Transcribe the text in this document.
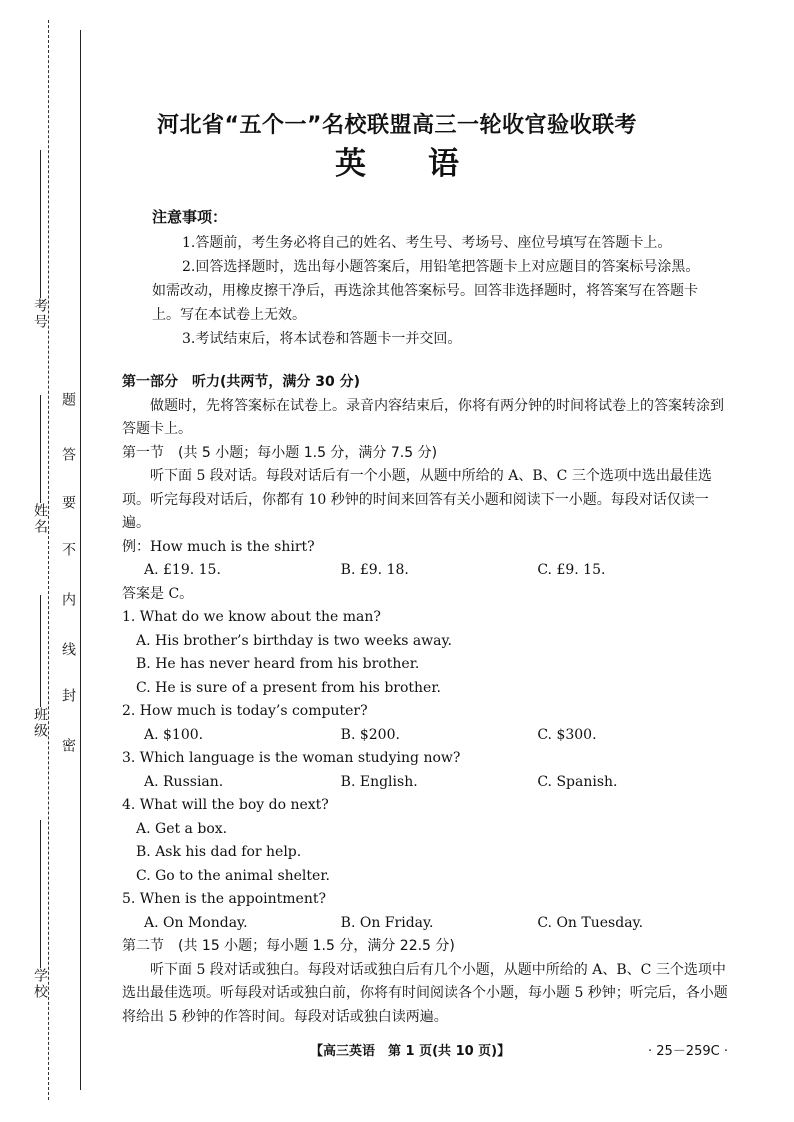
考号
姓名
班级
学校
题
答
要
不
内
线
封
密
河北省“五个一”名校联盟高三一轮收官验收联考
英语
注意事项：
1.答题前，考生务必将自己的姓名、考生号、考场号、座位号填写在答题卡上。
2.回答选择题时，选出每小题答案后，用铅笔把答题卡上对应题目的答案标号涂黑。如需改动，用橡皮擦干净后，再选涂其他答案标号。回答非选择题时，将答案写在答题卡上。写在本试卷上无效。
3.考试结束后，将本试卷和答题卡一并交回。

第一部分　听力(共两节，满分 30 分)

做题时，先将答案标在试卷上。录音内容结束后，你将有两分钟的时间将试卷上的答案转涂到答题卡上。

第一节　(共 5 小题；每小题 1.5 分，满分 7.5 分)

听下面 5 段对话。每段对话后有一个小题，从题中所给的 A、B、C 三个选项中选出最佳选项。听完每段对话后，你都有 10 秒钟的时间来回答有关小题和阅读下一小题。每段对话仅读一遍。

例：How much is the shirt?

A. £19. 15.	B. £9. 18.	C. £9. 15.

答案是 C。

1. What do we know about the man?

A. His brother’s birthday is two weeks away.

B. He has never heard from his brother.

C. He is sure of a present from his brother.

2. How much is today’s computer?

A. $100.	B. $200.	C. $300.

3. Which language is the woman studying now?

A. Russian.	B. English.	C. Spanish.

4. What will the boy do next?

A. Get a box.

B. Ask his dad for help.

C. Go to the animal shelter.

5. When is the appointment?

A. On Monday.	B. On Friday.	C. On Tuesday.

第二节　(共 15 小题；每小题 1.5 分，满分 22.5 分)

听下面 5 段对话或独白。每段对话或独白后有几个小题，从题中所给的 A、B、C 三个选项中选出最佳选项。听每段对话或独白前，你将有时间阅读各个小题，每小题 5 秒钟；听完后，各小题将给出 5 秒钟的作答时间。每段对话或独白读两遍。

【高三英语　第 1 页(共 10 页)】	· 25－259C ·
